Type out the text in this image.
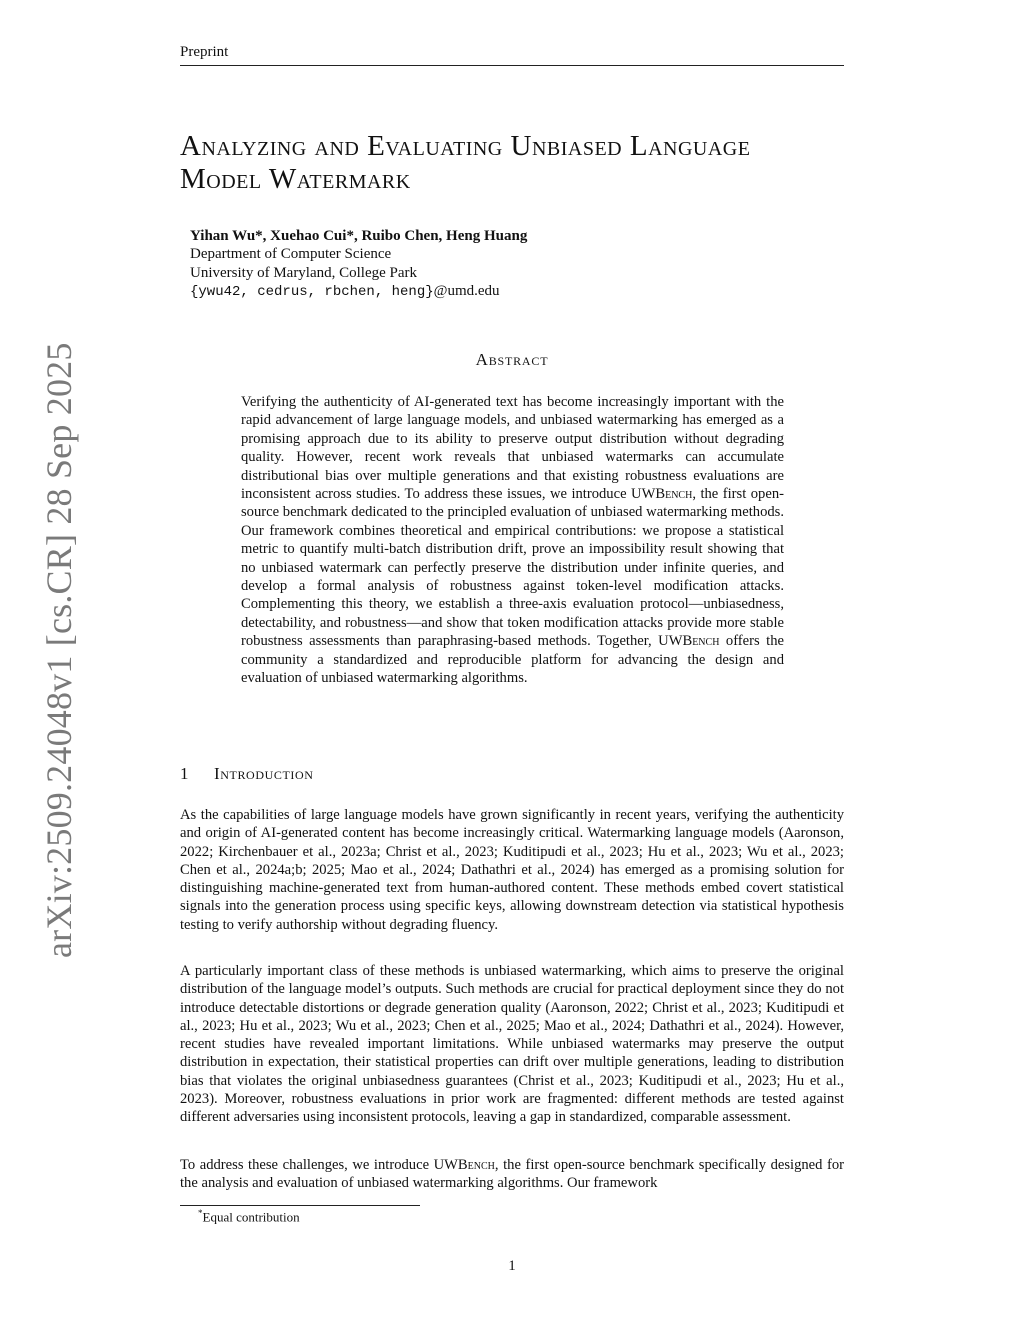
Preprint
Analyzing and Evaluating Unbiased Language
Model Watermark
Yihan Wu*, Xuehao Cui*, Ruibo Chen, Heng Huang
Department of Computer Science
University of Maryland, College Park
{ywu42, cedrus, rbchen, heng}@umd.edu
Abstract
Verifying the authenticity of AI-generated text has become increasingly important with the rapid advancement of large language models, and unbiased watermarking has emerged as a promising approach due to its ability to preserve output distribution without degrading quality. However, recent work reveals that unbiased watermarks can accumulate distributional bias over multiple generations and that existing robustness evaluations are inconsistent across studies. To address these issues, we introduce UWBench, the first open-source benchmark dedicated to the principled evaluation of unbiased watermarking methods. Our framework combines theoretical and empirical contributions: we propose a statistical metric to quantify multi-batch distribution drift, prove an impossibility result showing that no unbiased watermark can perfectly preserve the distribution under infinite queries, and develop a formal analysis of robustness against token-level modification attacks. Complementing this theory, we establish a three-axis evaluation protocol—unbiasedness, detectability, and robustness—and show that token modification attacks provide more stable robustness assessments than paraphrasing-based methods. Together, UWBench offers the community a standardized and reproducible platform for advancing the design and evaluation of unbiased watermarking algorithms.
1 Introduction
As the capabilities of large language models have grown significantly in recent years, verifying the authenticity and origin of AI-generated content has become increasingly critical. Watermarking language models (Aaronson, 2022; Kirchenbauer et al., 2023a; Christ et al., 2023; Kuditipudi et al., 2023; Hu et al., 2023; Wu et al., 2023; Chen et al., 2024a;b; 2025; Mao et al., 2024; Dathathri et al., 2024) has emerged as a promising solution for distinguishing machine-generated text from human-authored content. These methods embed covert statistical signals into the generation process using specific keys, allowing downstream detection via statistical hypothesis testing to verify authorship without degrading fluency.
A particularly important class of these methods is unbiased watermarking, which aims to preserve the original distribution of the language model’s outputs. Such methods are crucial for practical deployment since they do not introduce detectable distortions or degrade generation quality (Aaronson, 2022; Christ et al., 2023; Kuditipudi et al., 2023; Hu et al., 2023; Wu et al., 2023; Chen et al., 2025; Mao et al., 2024; Dathathri et al., 2024). However, recent studies have revealed important limitations. While unbiased watermarks may preserve the output distribution in expectation, their statistical properties can drift over multiple generations, leading to distribution bias that violates the original unbiasedness guarantees (Christ et al., 2023; Kuditipudi et al., 2023; Hu et al., 2023). Moreover, robustness evaluations in prior work are fragmented: different methods are tested against different adversaries using inconsistent protocols, leaving a gap in standardized, comparable assessment.
To address these challenges, we introduce UWBench, the first open-source benchmark specifically designed for the analysis and evaluation of unbiased watermarking algorithms. Our framework
*Equal contribution
1
arXiv:2509.24048v1 [cs.CR] 28 Sep 2025
